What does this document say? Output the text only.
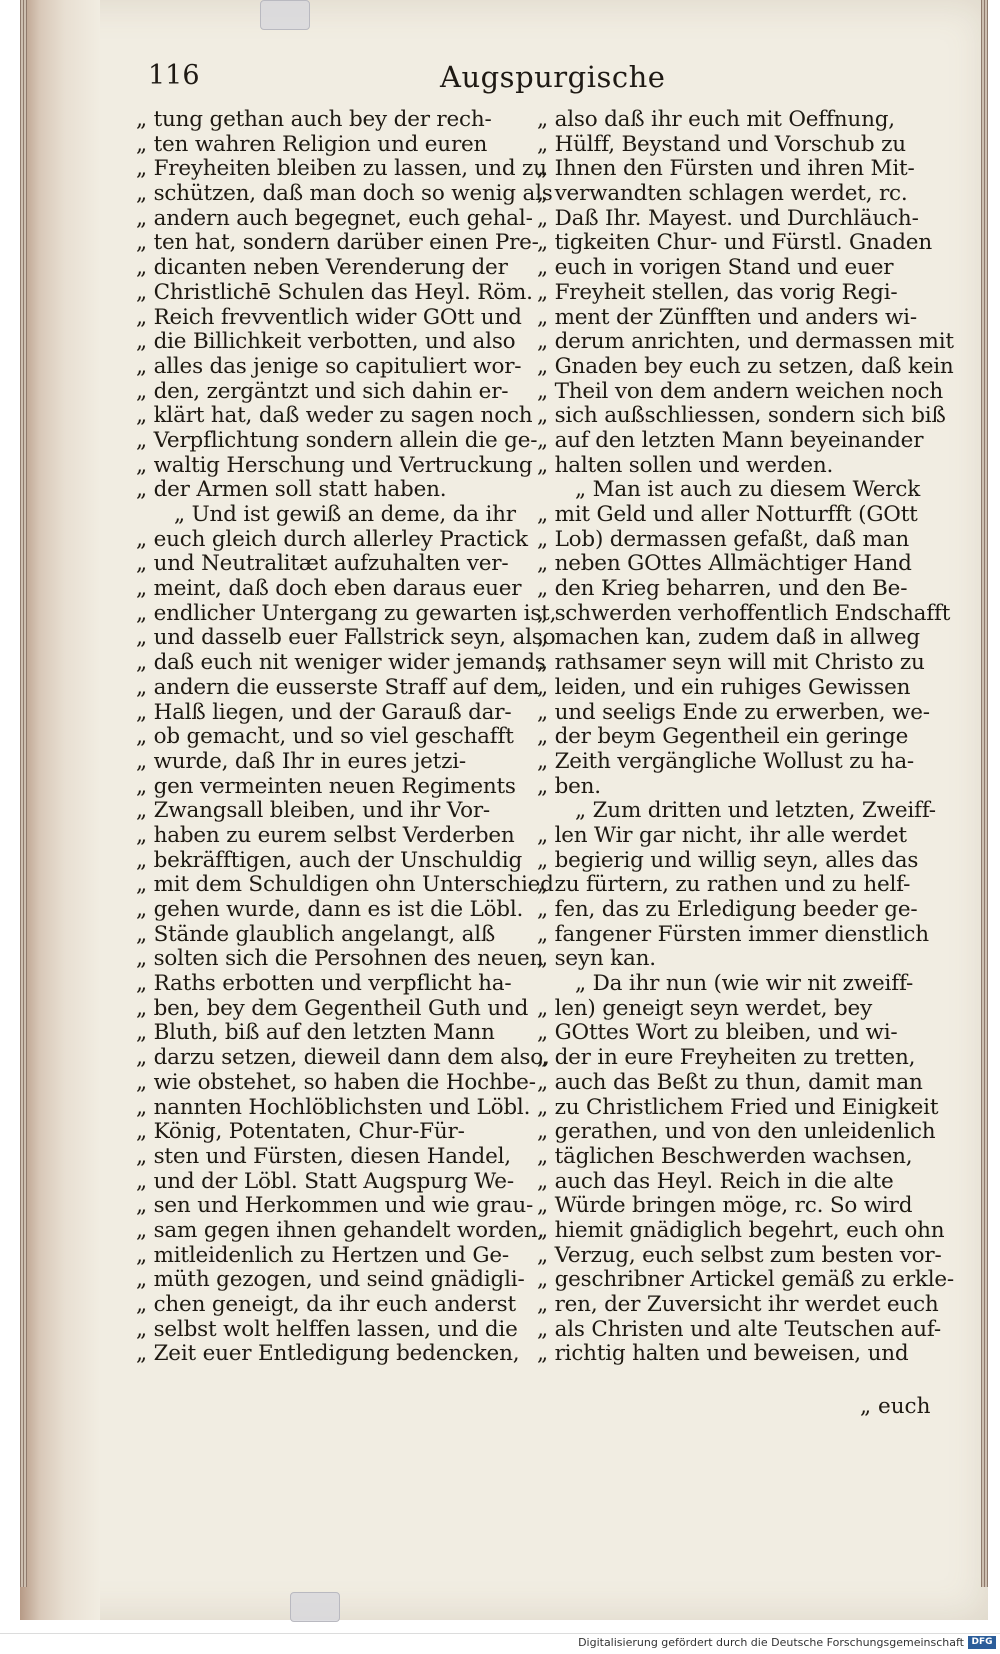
116	Augspurgische
„ tung gethan auch bey der rech-
„ ten wahren Religion und euren
„ Freyheiten bleiben zu lassen, und zu
„ schützen, daß man doch so wenig als
„ andern auch begegnet, euch gehal-
„ ten hat, sondern darüber einen Pre-
„ dicanten neben Verenderung der
„ Christlichē Schulen das Heyl. Röm.
„ Reich frevventlich wider GOtt und
„ die Billichkeit verbotten, und also
„ alles das jenige so capituliert wor-
„ den, zergäntzt und sich dahin er-
„ klärt hat, daß weder zu sagen noch
„ Verpflichtung sondern allein die ge-
„ waltig Herschung und Vertruckung
„ der Armen soll statt haben.
„ Und ist gewiß an deme, da ihr
„ euch gleich durch allerley Practick
„ und Neutralitæt aufzuhalten ver-
„ meint, daß doch eben daraus euer
„ endlicher Untergang zu gewarten ist,
„ und dasselb euer Fallstrick seyn, also
„ daß euch nit weniger wider jemands
„ andern die eusserste Straff auf dem
„ Halß liegen, und der Garauß dar-
„ ob gemacht, und so viel geschafft
„ wurde, daß Ihr in eures jetzi-
„ gen vermeinten neuen Regiments
„ Zwangsall bleiben, und ihr Vor-
„ haben zu eurem selbst Verderben
„ bekräfftigen, auch der Unschuldig
„ mit dem Schuldigen ohn Unterschied
„ gehen wurde, dann es ist die Löbl.
„ Stände glaublich angelangt, alß
„ solten sich die Persohnen des neuen
„ Raths erbotten und verpflicht ha-
„ ben, bey dem Gegentheil Guth und
„ Bluth, biß auf den letzten Mann
„ darzu setzen, dieweil dann dem also,
„ wie obstehet, so haben die Hochbe-
„ nannten Hochlöblichsten und Löbl.
„ König, Potentaten, Chur-Für-
„ sten und Fürsten, diesen Handel,
„ und der Löbl. Statt Augspurg We-
„ sen und Herkommen und wie grau-
„ sam gegen ihnen gehandelt worden,
„ mitleidenlich zu Hertzen und Ge-
„ müth gezogen, und seind gnädigli-
„ chen geneigt, da ihr euch anderst
„ selbst wolt helffen lassen, und die
„ Zeit euer Entledigung bedencken,
„ also daß ihr euch mit Oeffnung,
„ Hülff, Beystand und Vorschub zu
„ Ihnen den Fürsten und ihren Mit-
„ verwandten schlagen werdet, rc.
„ Daß Ihr. Mayest. und Durchläuch-
„ tigkeiten Chur- und Fürstl. Gnaden
„ euch in vorigen Stand und euer
„ Freyheit stellen, das vorig Regi-
„ ment der Zünfften und anders wi-
„ derum anrichten, und dermassen mit
„ Gnaden bey euch zu setzen, daß kein
„ Theil von dem andern weichen noch
„ sich außschliessen, sondern sich biß
„ auf den letzten Mann beyeinander
„ halten sollen und werden.
„ Man ist auch zu diesem Werck
„ mit Geld und aller Notturfft (GOtt
„ Lob) dermassen gefaßt, daß man
„ neben GOttes Allmächtiger Hand
„ den Krieg beharren, und den Be-
„ schwerden verhoffentlich Endschafft
„ machen kan, zudem daß in allweg
„ rathsamer seyn will mit Christo zu
„ leiden, und ein ruhiges Gewissen
„ und seeligs Ende zu erwerben, we-
„ der beym Gegentheil ein geringe
„ Zeith vergängliche Wollust zu ha-
„ ben.
„ Zum dritten und letzten, Zweiff-
„ len Wir gar nicht, ihr alle werdet
„ begierig und willig seyn, alles das
„ zu fürtern, zu rathen und zu helf-
„ fen, das zu Erledigung beeder ge-
„ fangener Fürsten immer dienstlich
„ seyn kan.
„ Da ihr nun (wie wir nit zweiff-
„ len) geneigt seyn werdet, bey
„ GOttes Wort zu bleiben, und wi-
„ der in eure Freyheiten zu tretten,
„ auch das Beßt zu thun, damit man
„ zu Christlichem Fried und Einigkeit
„ gerathen, und von den unleidenlich
„ täglichen Beschwerden wachsen,
„ auch das Heyl. Reich in die alte
„ Würde bringen möge, rc. So wird
„ hiemit gnädiglich begehrt, euch ohn
„ Verzug, euch selbst zum besten vor-
„ geschribner Artickel gemäß zu erkle-
„ ren, der Zuversicht ihr werdet euch
„ als Christen und alte Teutschen auf-
„ richtig halten und beweisen, und
„ euch
Digitalisierung gefördert durch die Deutsche Forschungsgemeinschaft DFG
